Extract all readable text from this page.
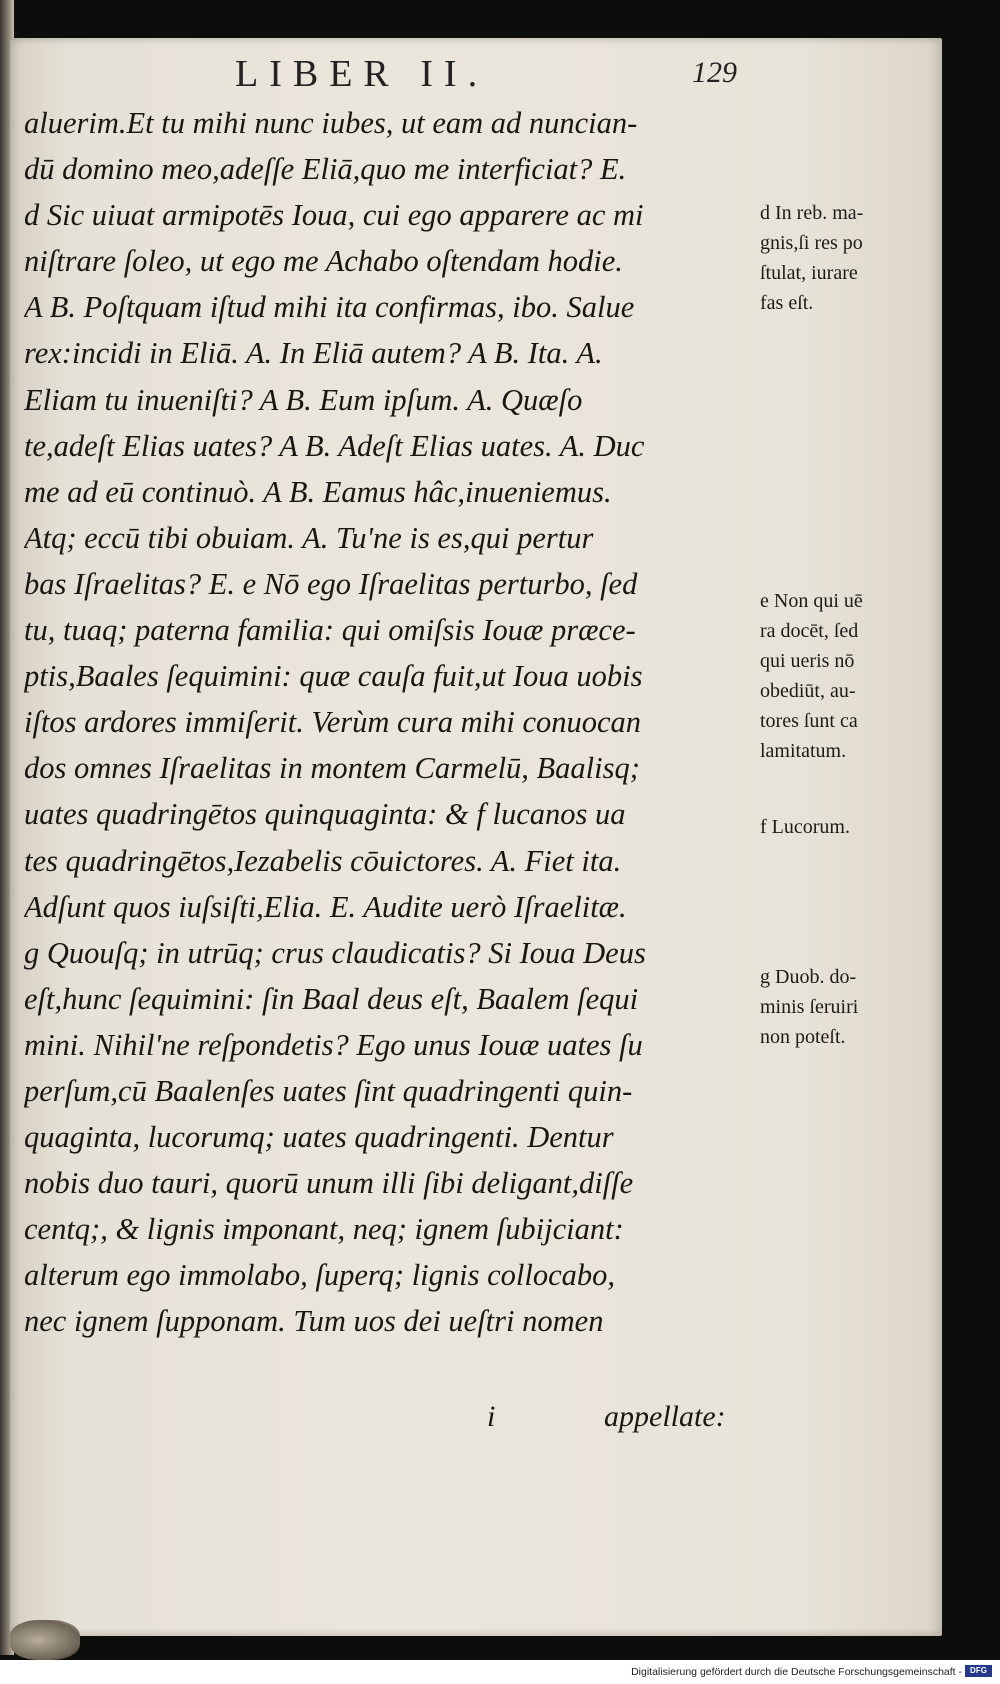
LIBER II.	129
aluerim.Et tu mihi nunc iubes, ut eam ad nuncian-
dū domino meo,adeſſe Eliā,quo me interficiat? E.
d Sic uiuat armipotēs Ioua, cui ego apparere ac mi
niſtrare ſoleo, ut ego me Achabo oſtendam hodie.
A B. Poſtquam iſtud mihi ita confirmas, ibo. Salue
rex:incidi in Eliā. A. In Eliā autem? A B. Ita. A.
Eliam tu inueniſti? A B. Eum ipſum. A. Quæſo
te,adeſt Elias uates? A B. Adeſt Elias uates. A. Duc
me ad eū continuò. A B. Eamus hâc,inueniemus.
Atq; eccū tibi obuiam. A. Tu'ne is es,qui pertur
bas Iſraelitas? E. e Nō ego Iſraelitas perturbo, ſed
tu, tuaq; paterna familia: qui omiſsis Iouæ præce-
ptis,Baales ſequimini: quæ cauſa fuit,ut Ioua uobis
iſtos ardores immiſerit. Verùm cura mihi conuocan
dos omnes Iſraelitas in montem Carmelū, Baalisq;
uates quadringētos quinquaginta: & f lucanos ua
tes quadringētos,Iezabelis cōuictores. A. Fiet ita.
Adſunt quos iuſsiſti,Elia. E. Audite uerò Iſraelitæ.
g Quouſq; in utrūq; crus claudicatis? Si Ioua Deus
eſt,hunc ſequimini: ſin Baal deus eſt, Baalem ſequi
mini. Nihil'ne reſpondetis? Ego unus Iouæ uates ſu
perſum,cū Baalenſes uates ſint quadringenti quin-
quaginta, lucorumq; uates quadringenti. Dentur
nobis duo tauri, quorū unum illi ſibi deligant,diſſe
centq;, & lignis imponant, neq; ignem ſubijciant:
alterum ego immolabo, ſuperq; lignis collocabo,
nec ignem ſupponam. Tum uos dei ueſtri nomen
i	appellate:
d In reb. ma-
gnis,ſi res po
ſtulat, iurare
fas eſt.
e Non qui uē
ra docēt, ſed
qui ueris nō
obediūt, au-
tores ſunt ca
lamitatum.
f Lucorum.
g Duob. do-
minis ſeruiri
non poteſt.
Digitalisierung gefördert durch die Deutsche Forschungsgemeinschaft -	DFG
